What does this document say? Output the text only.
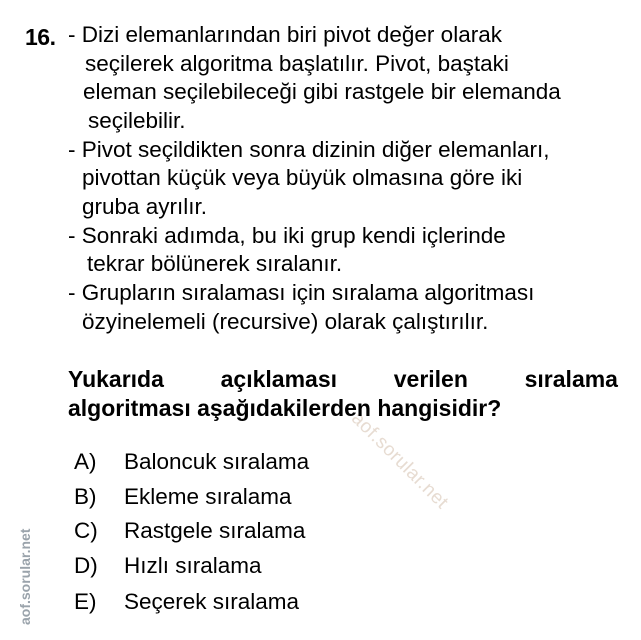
aof.sorular.net
aof.sorular.net
16. - Dizi elemanlarından biri pivot değer olarak
seçilerek algoritma başlatılır. Pivot, baştaki
eleman seçilebileceği gibi rastgele bir elemanda
seçilebilir.
- Pivot seçildikten sonra dizinin diğer elemanları,
pivottan küçük veya büyük olmasına göre iki
gruba ayrılır.
- Sonraki adımda, bu iki grup kendi içlerinde
tekrar bölünerek sıralanır.
- Grupların sıralaması için sıralama algoritması
özyinelemeli (recursive) olarak çalıştırılır.
Yukarıda açıklaması verilen sıralama
algoritması aşağıdakilerden hangisidir?
A) Baloncuk sıralama
B) Ekleme sıralama
C) Rastgele sıralama
D) Hızlı sıralama
E) Seçerek sıralama
